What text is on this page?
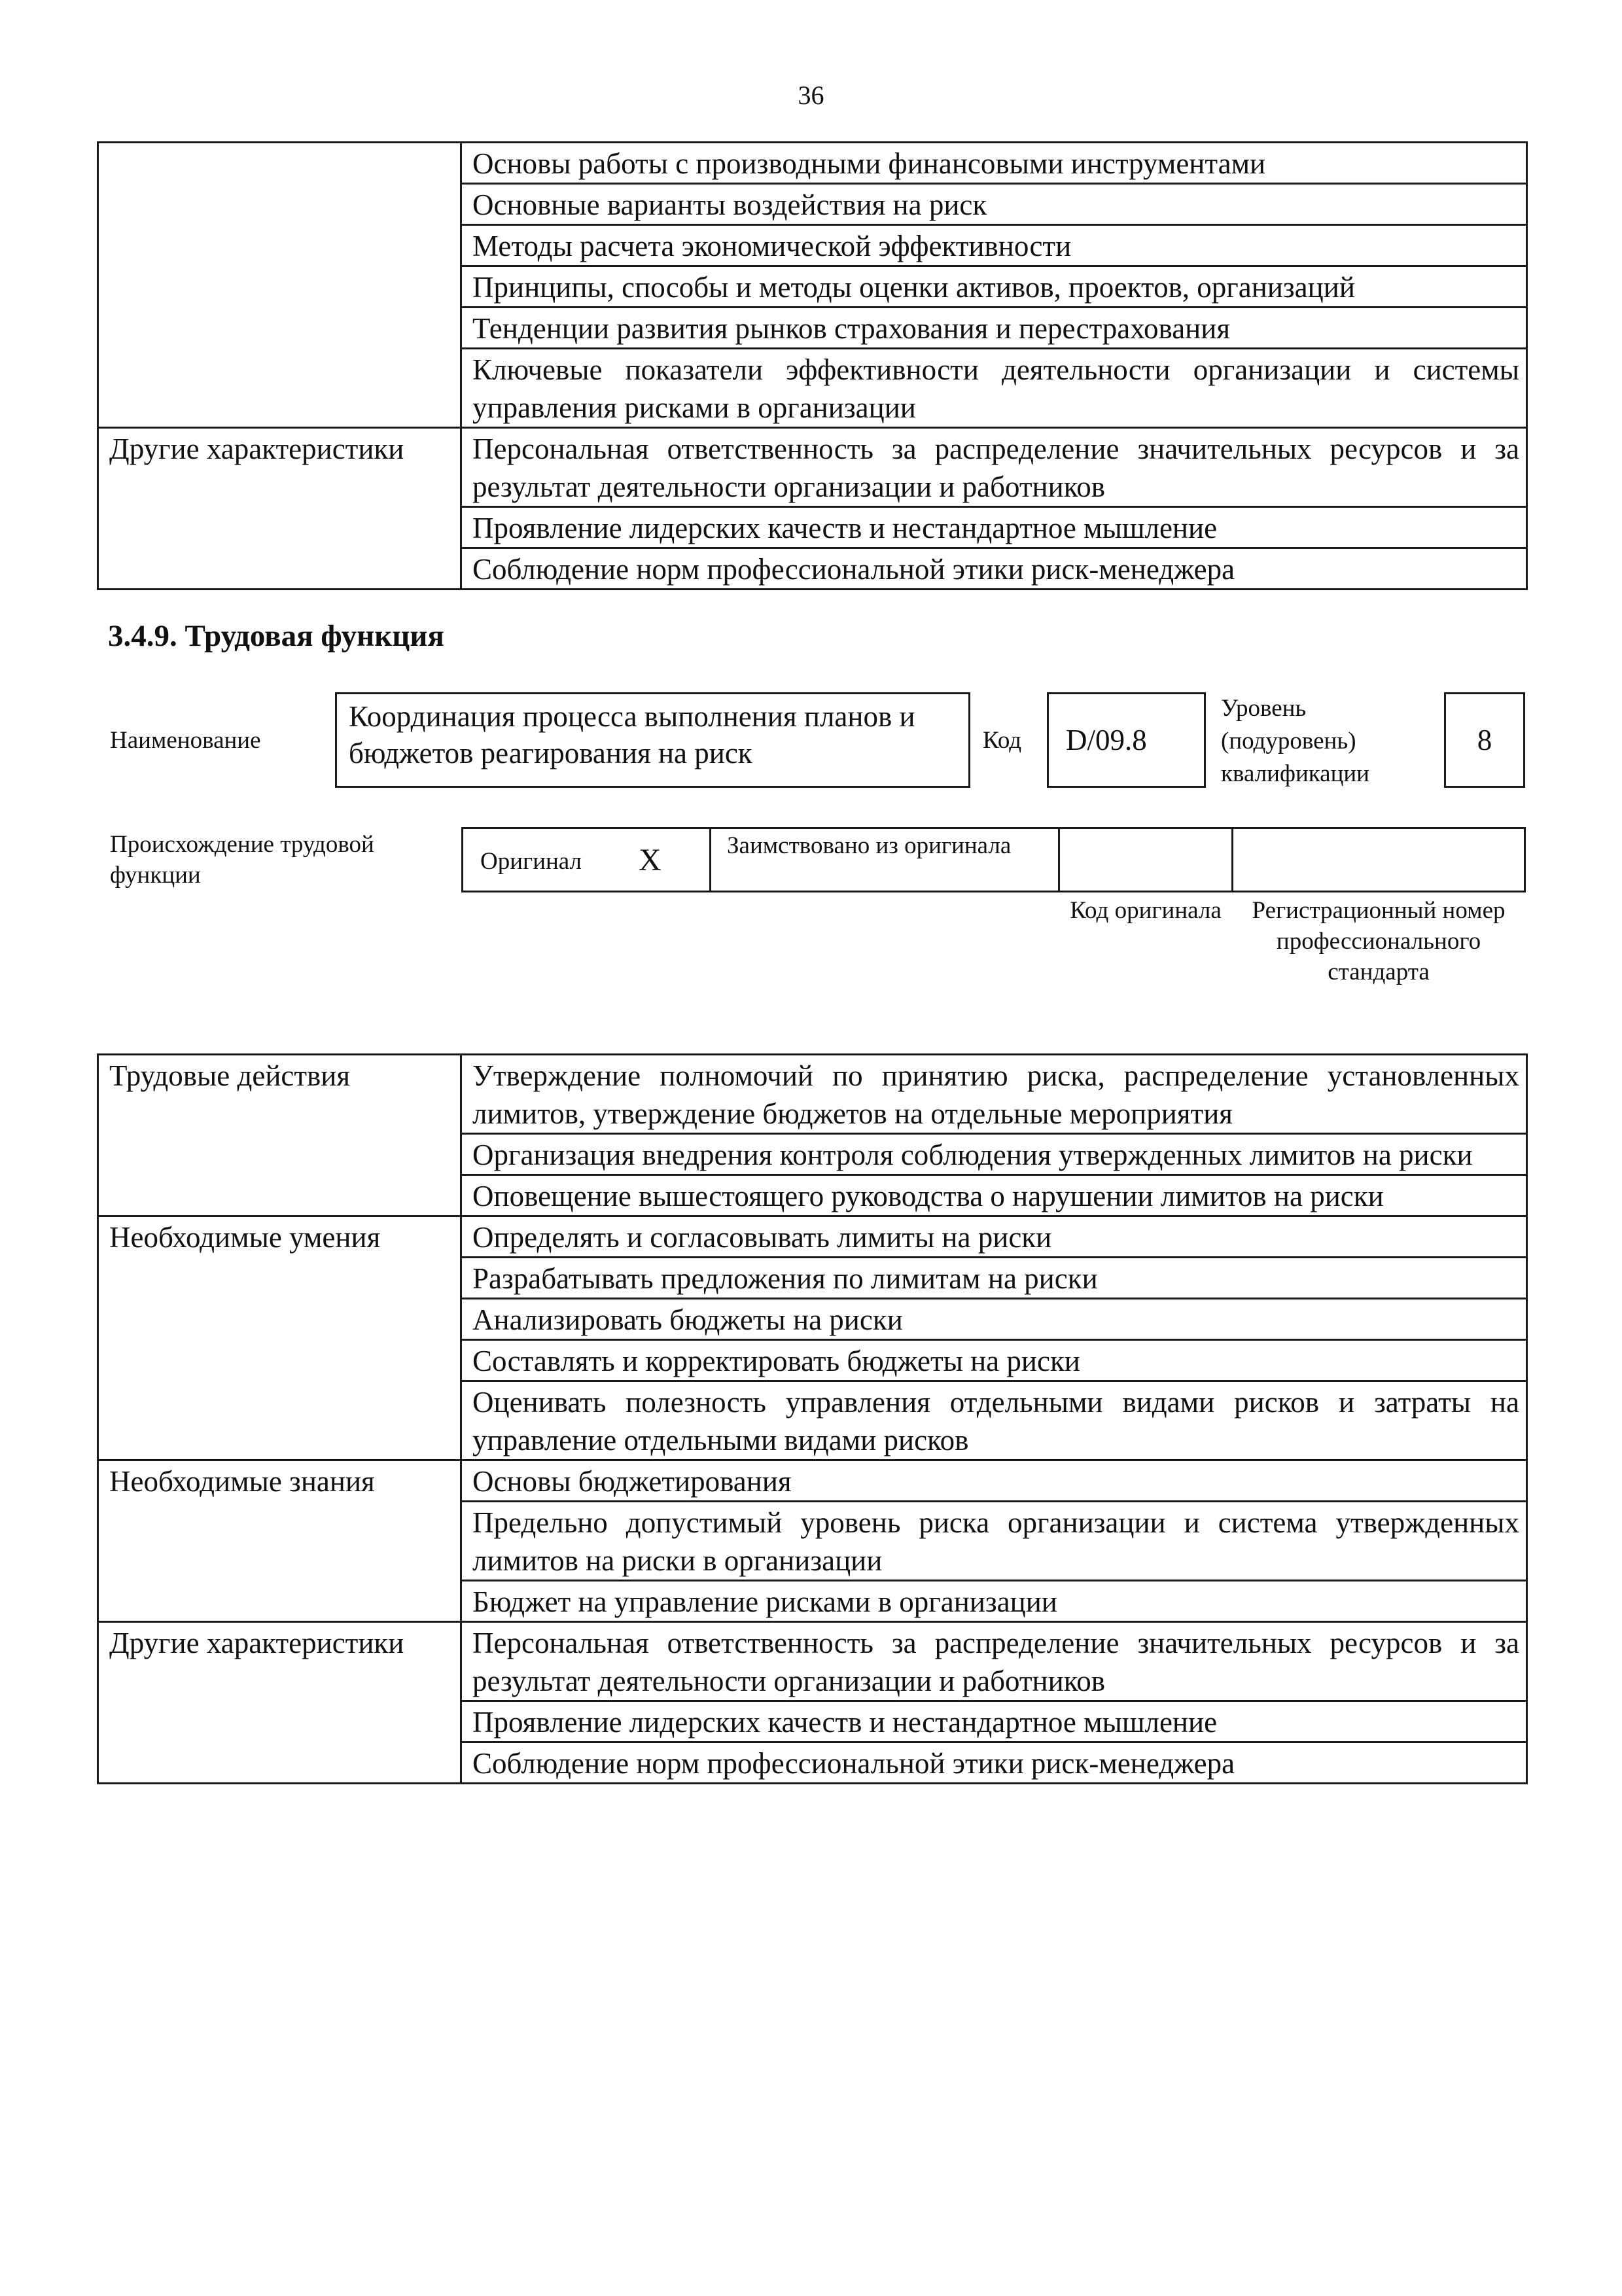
36
	Основы работы с производными финансовыми инструментами
	Основные варианты воздействия на риск
	Методы расчета экономической эффективности
	Принципы, способы и методы оценки активов, проектов, организаций
	Тенденции развития рынков страхования и перестрахования
	Ключевые показатели эффективности деятельности организации и системы управления рисками в организации
Другие характеристики	Персональная ответственность за распределение значительных ресурсов и за результат деятельности организации и работников
	Проявление лидерских качеств и нестандартное мышление
	Соблюдение норм профессиональной этики риск-менеджера
3.4.9. Трудовая функция
Наименование
Координация процесса выполнения планов и бюджетов реагирования на риск	Код D/09.8
Уровень (подуровень) квалификации
8
Происхождение трудовой функции
Оригинал X	Заимствовано из оригинала
Код оригинала	Регистрационный номер профессионального стандарта
Трудовые действия	Утверждение полномочий по принятию риска, распределение установленных лимитов, утверждение бюджетов на отдельные мероприятия
	Организация внедрения контроля соблюдения утвержденных лимитов на риски
	Оповещение вышестоящего руководства о нарушении лимитов на риски
Необходимые умения	Определять и согласовывать лимиты на риски
	Разрабатывать предложения по лимитам на риски
	Анализировать бюджеты на риски
	Составлять и корректировать бюджеты на риски
	Оценивать полезность управления отдельными видами рисков и затраты на управление отдельными видами рисков
Необходимые знания	Основы бюджетирования
	Предельно допустимый уровень риска организации и система утвержденных лимитов на риски в организации
	Бюджет на управление рисками в организации
Другие характеристики	Персональная ответственность за распределение значительных ресурсов и за результат деятельности организации и работников
	Проявление лидерских качеств и нестандартное мышление
	Соблюдение норм профессиональной этики риск-менеджера
